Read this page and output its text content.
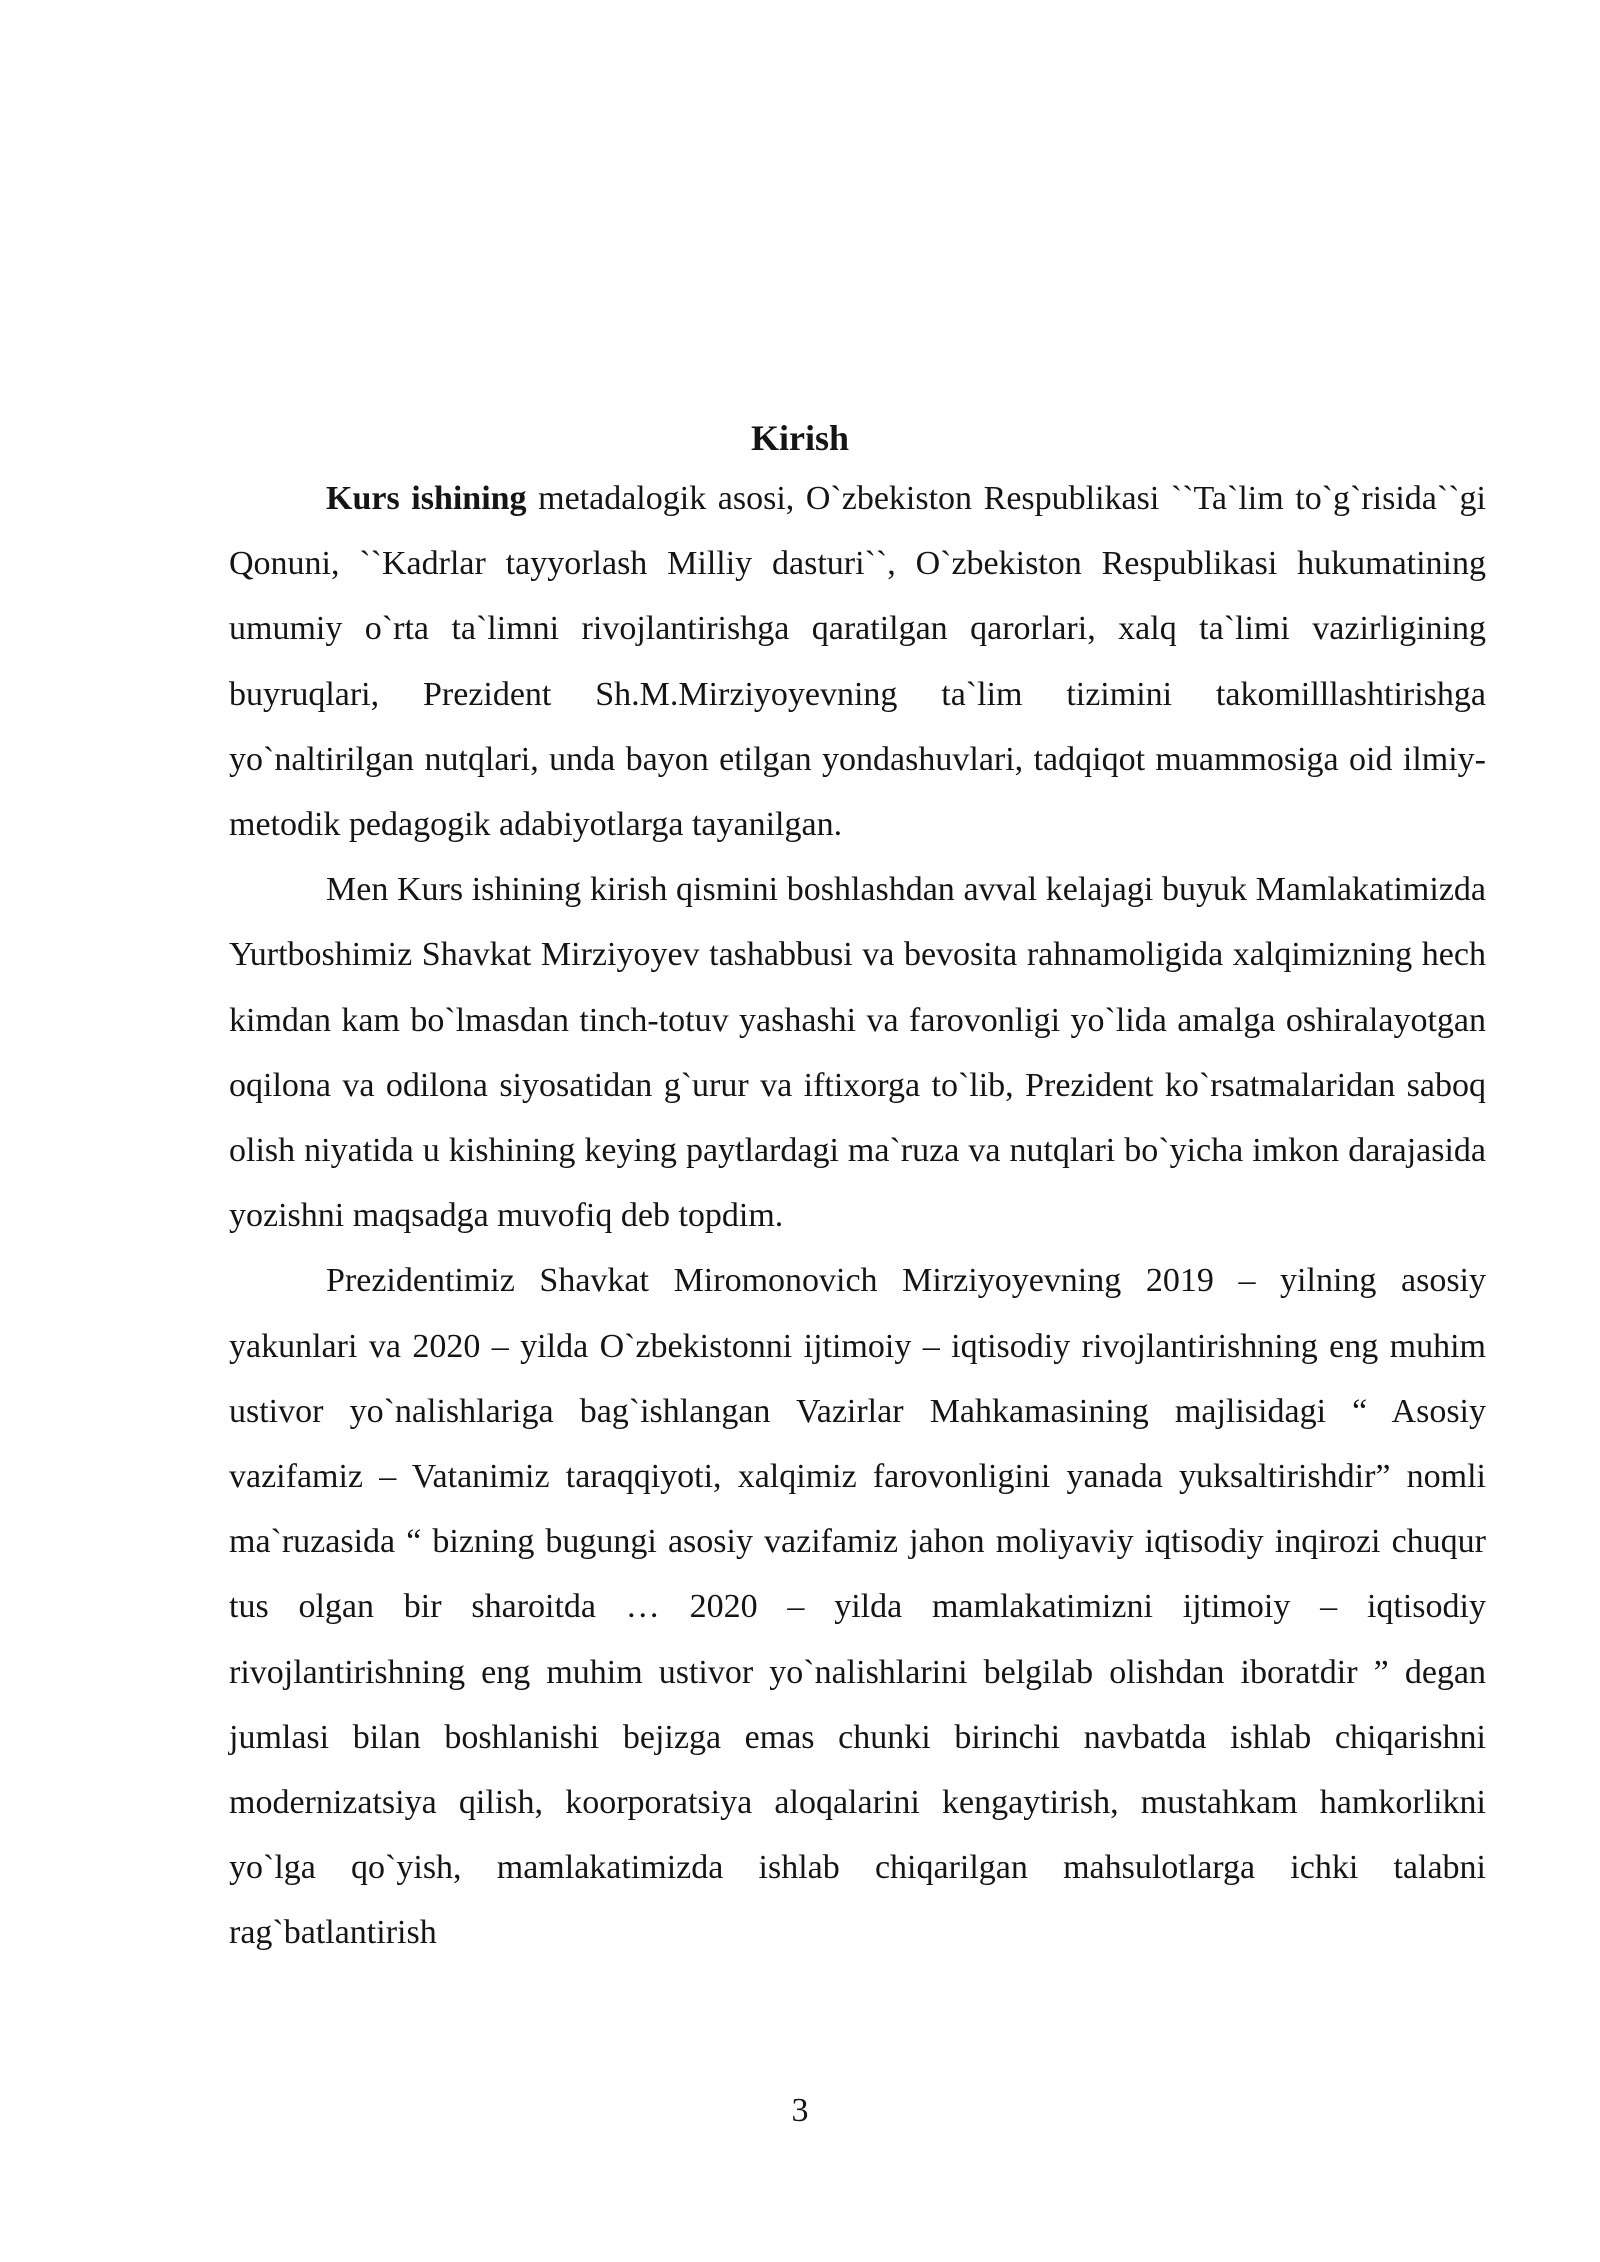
Kirish

Kurs ishining metadalogik asosi, O`zbekiston Respublikasi ``Ta`lim to`g`risida``gi Qonuni, ``Kadrlar tayyorlash Milliy dasturi``, O`zbekiston Respublikasi hukumatining umumiy o`rta ta`limni rivojlantirishga qaratilgan qarorlari, xalq ta`limi vazirligining buyruqlari, Prezident Sh.M.Mirziyoyevning ta`lim tizimini takomilllashtirishga yo`naltirilgan nutqlari, unda bayon etilgan yondashuvlari, tadqiqot muammosiga oid ilmiy-metodik pedagogik adabiyotlarga tayanilgan.

Men Kurs ishining kirish qismini boshlashdan avval kelajagi buyuk Mamlakatimizda Yurtboshimiz Shavkat Mirziyoyev tashabbusi va bevosita rahnamoligida xalqimizning hech kimdan kam bo`lmasdan tinch-totuv yashashi va farovonligi yo`lida amalga oshiralayotgan oqilona va odilona siyosatidan g`urur va iftixorga to`lib, Prezident ko`rsatmalaridan saboq olish niyatida u kishining keying paytlardagi ma`ruza va nutqlari bo`yicha imkon darajasida yozishni maqsadga muvofiq deb topdim.

Prezidentimiz Shavkat Miromonovich Mirziyoyevning 2019 – yilning asosiy yakunlari va 2020 – yilda O`zbekistonni ijtimoiy – iqtisodiy rivojlantirishning eng muhim ustivor yo`nalishlariga bag`ishlangan Vazirlar Mahkamasining majlisidagi “ Asosiy vazifamiz – Vatanimiz taraqqiyoti, xalqimiz farovonligini yanada yuksaltirishdir” nomli ma`ruzasida “ bizning bugungi asosiy vazifamiz jahon moliyaviy iqtisodiy inqirozi chuqur tus olgan bir sharoitda … 2020 – yilda mamlakatimizni ijtimoiy – iqtisodiy rivojlantirishning eng muhim ustivor yo`nalishlarini belgilab olishdan iboratdir ” degan jumlasi bilan boshlanishi bejizga emas chunki birinchi navbatda ishlab chiqarishni modernizatsiya qilish, koorporatsiya aloqalarini kengaytirish, mustahkam hamkorlikni yo`lga qo`yish, mamlakatimizda ishlab chiqarilgan mahsulotlarga ichki talabni rag`batlantirish

3
